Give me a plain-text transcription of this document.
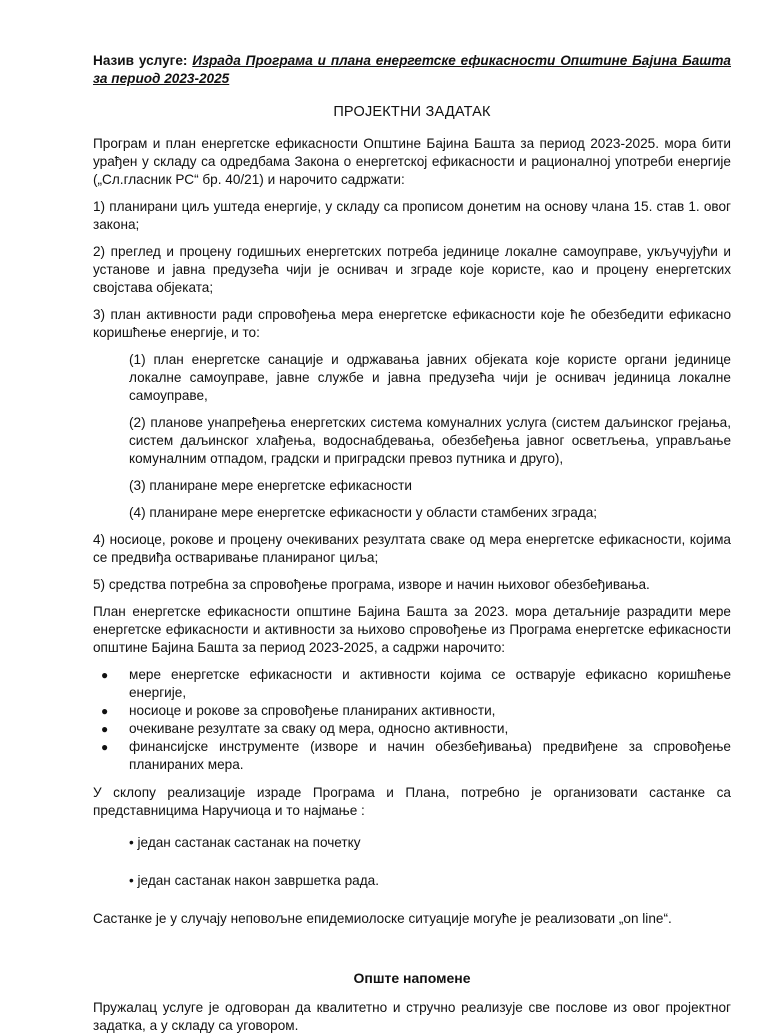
Назив услуге: Израда Програма и плана енергетске ефикасности Општине Бајина Башта за период 2023-2025

ПРОЈЕКТНИ ЗАДАТАК

Програм и план енергетске ефикасности Општине Бајина Башта за период 2023-2025. мора бити урађен у складу са одредбама Закона о енергетској ефикасности и рационалној употреби енергије („Сл.гласник РС“ бр. 40/21) и нарочито садржати:

1) планирани циљ уштеда енергије, у складу са прописом донетим на основу члана 15. став 1. овог закона;

2) преглед и процену годишњих енергетских потреба јединице локалне самоуправе, укључујући и установе и јавна предузећа чији је оснивач и зграде које користе, као и процену енергетских својстава објеката;

3) план активности ради спровођења мера енергетске ефикасности које ће обезбедити ефикасно коришћење енергије, и то:

(1) план енергетске санације и одржавања јавних објеката које користе органи јединице локалне самоуправе, јавне службе и јавна предузећа чији је оснивач јединица локалне самоуправе,

(2) планове унапређења енергетских система комуналних услуга (систем даљинског грејања, систем даљинског хлађења, водоснабдевања, обезбеђења јавног осветљења, управљање комуналним отпадом, градски и приградски превоз путника и друго),

(3) планиране мере енергетске ефикасности

(4) планиране мере енергетске ефикасности у области стамбених зграда;

4) носиоце, рокове и процену очекиваних резултата сваке од мера енергетске ефикасности, којима се предвиђа остваривање планираног циља;

5) средства потребна за спровођење програма, изворе и начин њиховог обезбеђивања.

План енергетске ефикасности општине Бајина Башта за 2023. мора детаљније разрадити мере енергетске ефикасности и активности за њихово спровођење из Програма енергетске ефикасности општине Бајина Башта за период 2023-2025, а садржи нарочито:

● мере енергетске ефикасности и активности којима се остварује ефикасно коришћење енергије,
● носиоце и рокове за спровођење планираних активности,
● очекиване резултате за сваку од мера, односно активности,
● финансијске инструменте (изворе и начин обезбеђивања) предвиђене за спровођење планираних мера.

У склопу реализације израде Програма и Плана, потребно је организовати састанке са представницима Наручиоца и то најмање :

• један састанак састанак на почетку

• један састанак након завршетка рада.

Састанке је у случају неповољне епидемиолоске ситуације могуће је реализовати „on line“.

Опште напомене

Пружалац услуге је одговоран да квалитетно и стручно реализује све послове из овог пројектног задатка, а у складу са уговором.
